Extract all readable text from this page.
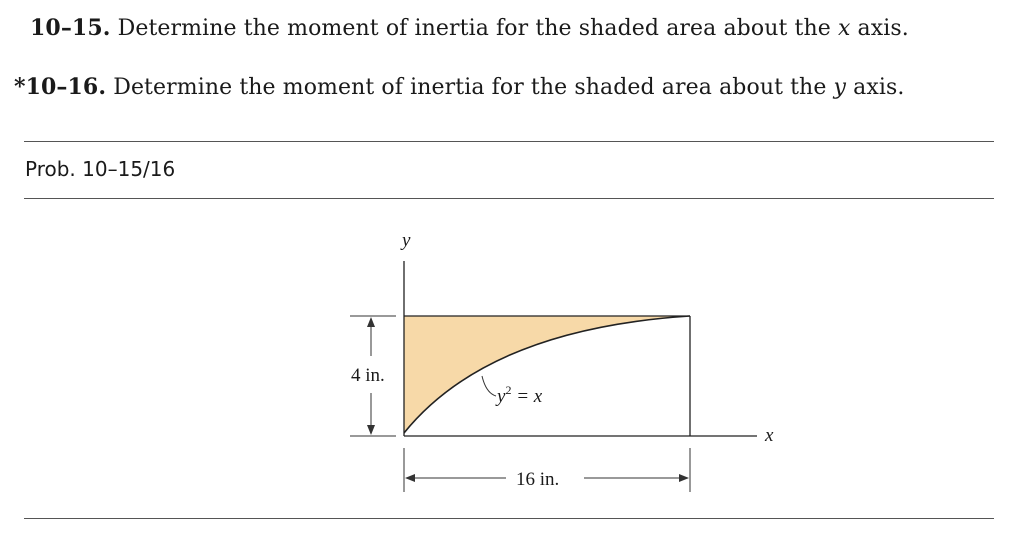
10–15. Determine the moment of inertia for the shaded area about the x axis.
*10–16. Determine the moment of inertia for the shaded area about the y axis.
Prob. 10–15/16
y
x
4 in.
16 in.
$y^2 = x$
